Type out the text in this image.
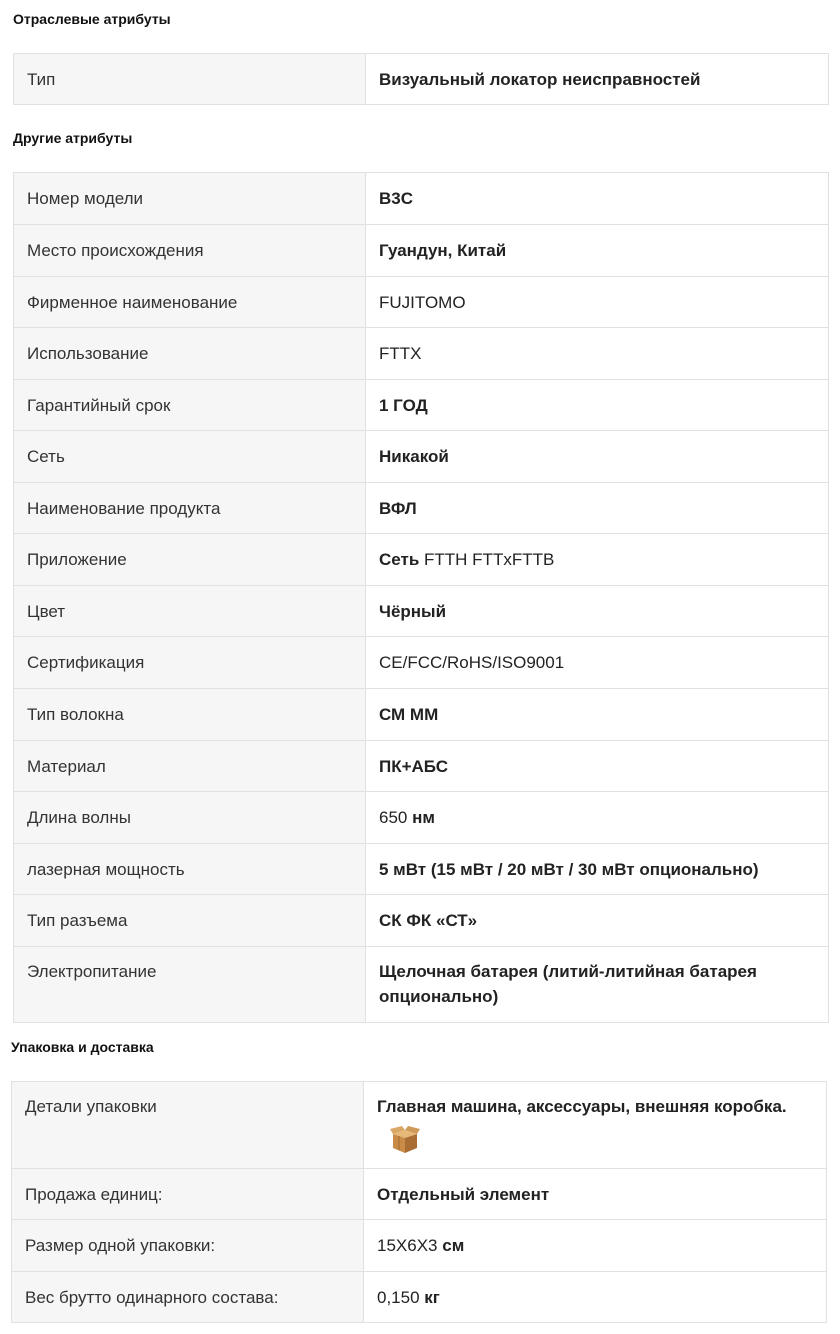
Отраслевые атрибуты
Тип	Визуальный локатор неисправностей
Другие атрибуты
Номер модели	B3C
Место происхождения	Гуандун, Китай
Фирменное наименование	FUJITOMO
Использование	FTTX
Гарантийный срок	1 ГОД
Сеть	Никакой
Наименование продукта	ВФЛ
Приложение	Сеть FTTH FTTxFTTB
Цвет	Чёрный
Сертификация	CE/FCC/RoHS/ISO9001
Тип волокна	СМ ММ
Материал	ПК+АБС
Длина волны	650 нм
лазерная мощность	5 мВт (15 мВт / 20 мВт / 30 мВт опционально)
Тип разъема	СК ФК «СТ»
Электропитание	Щелочная батарея (литий-литийная батарея опционально)
Упаковка и доставка
Детали упаковки	Главная машина, аксессуары, внешняя коробка.

Продажа единиц:	Отдельный элемент
Размер одной упаковки:	15X6X3 см
Вес брутто одинарного состава:	0,150 кг
